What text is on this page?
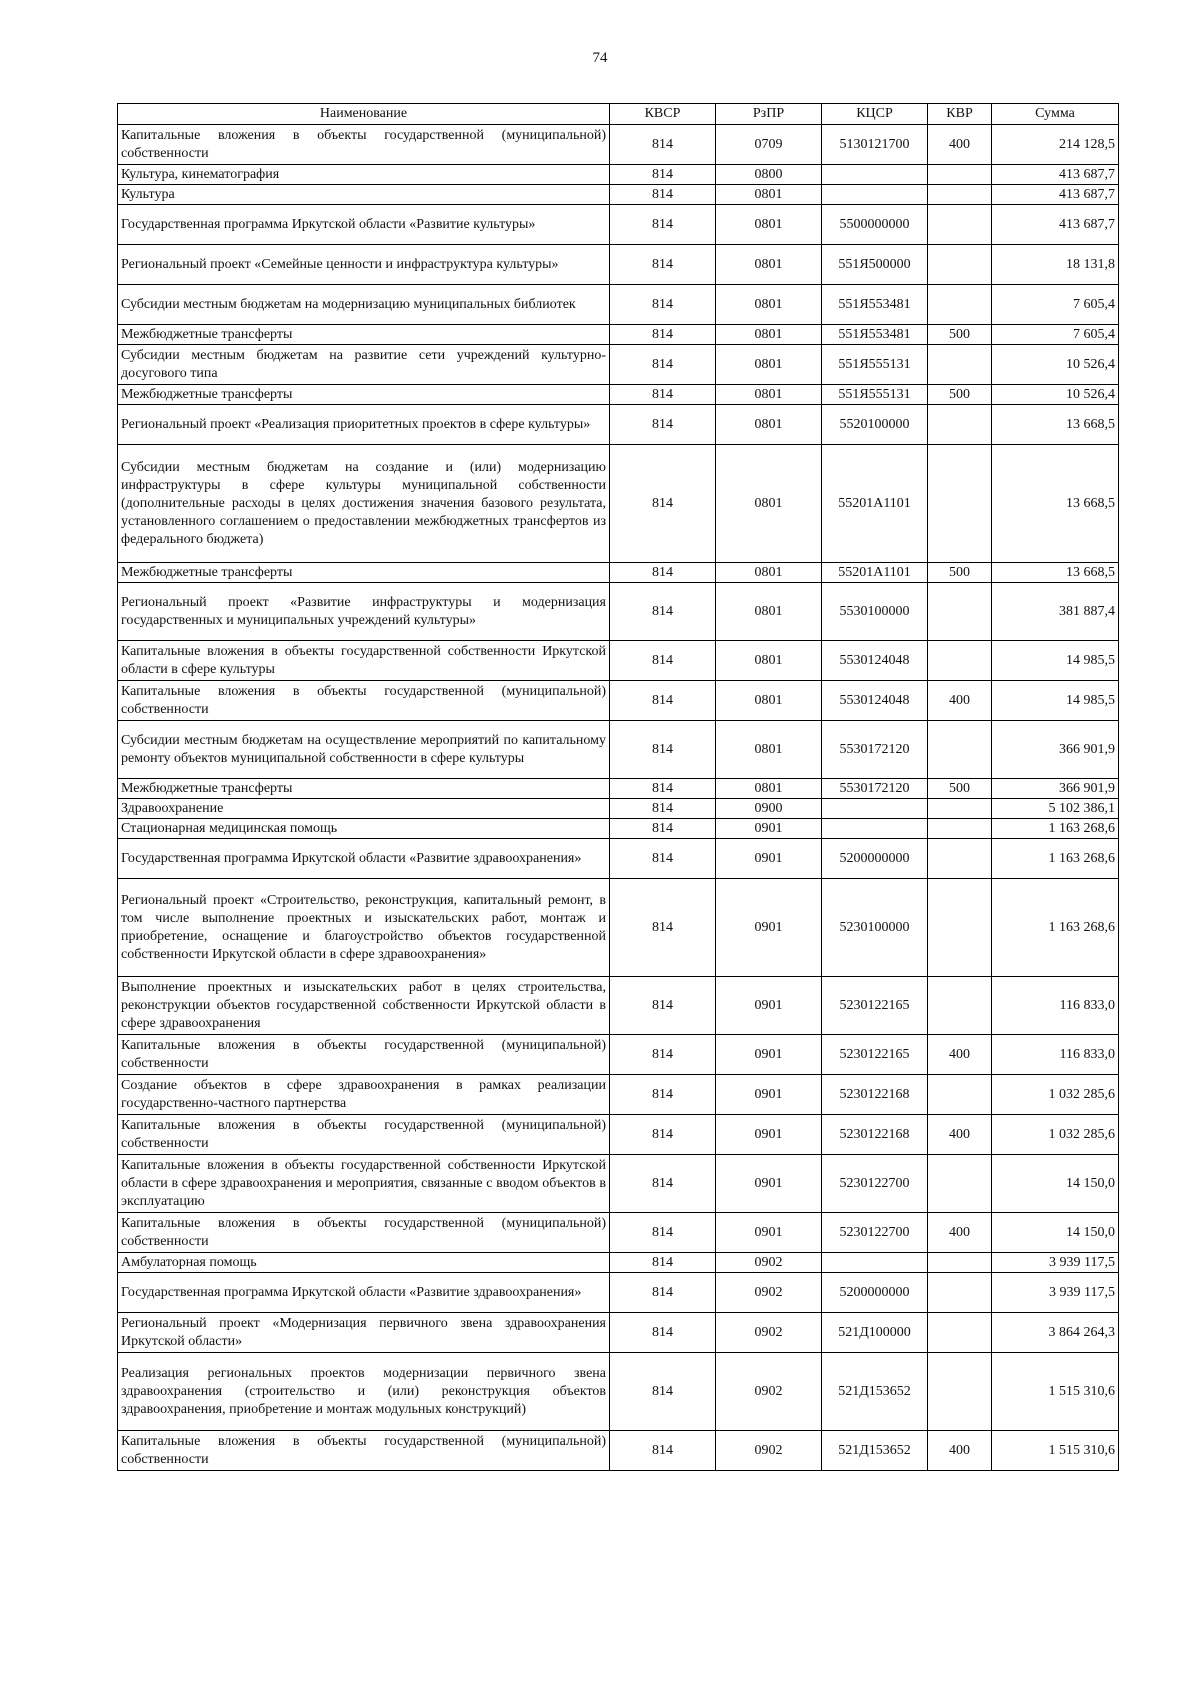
74
Наименование	КВСР	РзПР	КЦСР	КВР	Сумма
Капитальные вложения в объекты государственной (муниципальной) собственности	814	0709	5130121700	400	214 128,5
Культура, кинематография	814	0800			413 687,7
Культура	814	0801			413 687,7
Государственная программа Иркутской области «Развитие культуры»	814	0801	5500000000		413 687,7
Региональный проект «Семейные ценности и инфраструктура культуры»	814	0801	551Я500000		18 131,8
Субсидии местным бюджетам на модернизацию муниципальных библиотек	814	0801	551Я553481		7 605,4
Межбюджетные трансферты	814	0801	551Я553481	500	7 605,4
Субсидии местным бюджетам на развитие сети учреждений культурно-досугового типа	814	0801	551Я555131		10 526,4
Межбюджетные трансферты	814	0801	551Я555131	500	10 526,4
Региональный проект «Реализация приоритетных проектов в сфере культуры»	814	0801	5520100000		13 668,5
Субсидии местным бюджетам на создание и (или) модернизацию инфраструктуры в сфере культуры муниципальной собственности (дополнительные расходы в целях достижения значения базового результата, установленного соглашением о предоставлении межбюджетных трансфертов из федерального бюджета)	814	0801	55201А1101		13 668,5
Межбюджетные трансферты	814	0801	55201А1101	500	13 668,5
Региональный проект «Развитие инфраструктуры и модернизация государственных и муниципальных учреждений культуры»	814	0801	5530100000		381 887,4
Капитальные вложения в объекты государственной собственности Иркутской области в сфере культуры	814	0801	5530124048		14 985,5
Капитальные вложения в объекты государственной (муниципальной) собственности	814	0801	5530124048	400	14 985,5
Субсидии местным бюджетам на осуществление мероприятий по капитальному ремонту объектов муниципальной собственности в сфере культуры	814	0801	5530172120		366 901,9
Межбюджетные трансферты	814	0801	5530172120	500	366 901,9
Здравоохранение	814	0900			5 102 386,1
Стационарная медицинская помощь	814	0901			1 163 268,6
Государственная программа Иркутской области «Развитие здравоохранения»	814	0901	5200000000		1 163 268,6
Региональный проект «Строительство, реконструкция, капитальный ремонт, в том числе выполнение проектных и изыскательских работ, монтаж и приобретение, оснащение и благоустройство объектов государственной собственности Иркутской области в сфере здравоохранения»	814	0901	5230100000		1 163 268,6
Выполнение проектных и изыскательских работ в целях строительства, реконструкции объектов государственной собственности Иркутской области в сфере здравоохранения	814	0901	5230122165		116 833,0
Капитальные вложения в объекты государственной (муниципальной) собственности	814	0901	5230122165	400	116 833,0
Создание объектов в сфере здравоохранения в рамках реализации государственно-частного партнерства	814	0901	5230122168		1 032 285,6
Капитальные вложения в объекты государственной (муниципальной) собственности	814	0901	5230122168	400	1 032 285,6
Капитальные вложения в объекты государственной собственности Иркутской области в сфере здравоохранения и мероприятия, связанные с вводом объектов в эксплуатацию	814	0901	5230122700		14 150,0
Капитальные вложения в объекты государственной (муниципальной) собственности	814	0901	5230122700	400	14 150,0
Амбулаторная помощь	814	0902			3 939 117,5
Государственная программа Иркутской области «Развитие здравоохранения»	814	0902	5200000000		3 939 117,5
Региональный проект «Модернизация первичного звена здравоохранения Иркутской области»	814	0902	521Д100000		3 864 264,3
Реализация региональных проектов модернизации первичного звена здравоохранения (строительство и (или) реконструкция объектов здравоохранения, приобретение и монтаж модульных конструкций)	814	0902	521Д153652		1 515 310,6
Капитальные вложения в объекты государственной (муниципальной) собственности	814	0902	521Д153652	400	1 515 310,6
